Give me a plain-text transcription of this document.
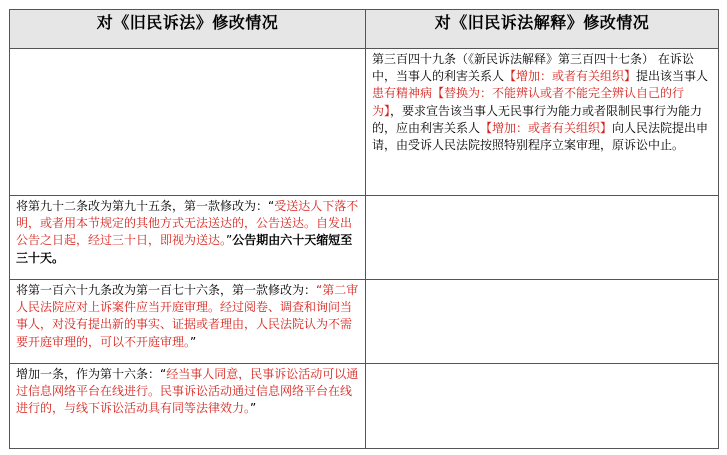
对《旧民诉法》修改情况	对《旧民诉法解释》修改情况

	第三百四十九条（《新民诉法解释》第三百四十七条） 在诉讼中，当事人的利害关系人【增加：或者有关组织】提出该当事人患有精神病【替换为：不能辨认或者不能完全辨认自己的行为】，要求宣告该当事人无民事行为能力或者限制民事行为能力的，应由利害关系人【增加：或者有关组织】向人民法院提出申请，由受诉人民法院按照特别程序立案审理，原诉讼中止。

将第九十二条改为第九十五条，第一款修改为：“受送达人下落不明，或者用本节规定的其他方式无法送达的，公告送达。自发出公告之日起，经过三十日，即视为送达。”公告期由六十天缩短至三十天。	

将第一百六十九条改为第一百七十六条，第一款修改为：“第二审人民法院应对上诉案件应当开庭审理。经过阅卷、调查和询问当事人，对没有提出新的事实、证据或者理由，人民法院认为不需要开庭审理的，可以不开庭审理。”	

增加一条，作为第十六条：“经当事人同意，民事诉讼活动可以通过信息网络平台在线进行。民事诉讼活动通过信息网络平台在线进行的，与线下诉讼活动具有同等法律效力。”	
